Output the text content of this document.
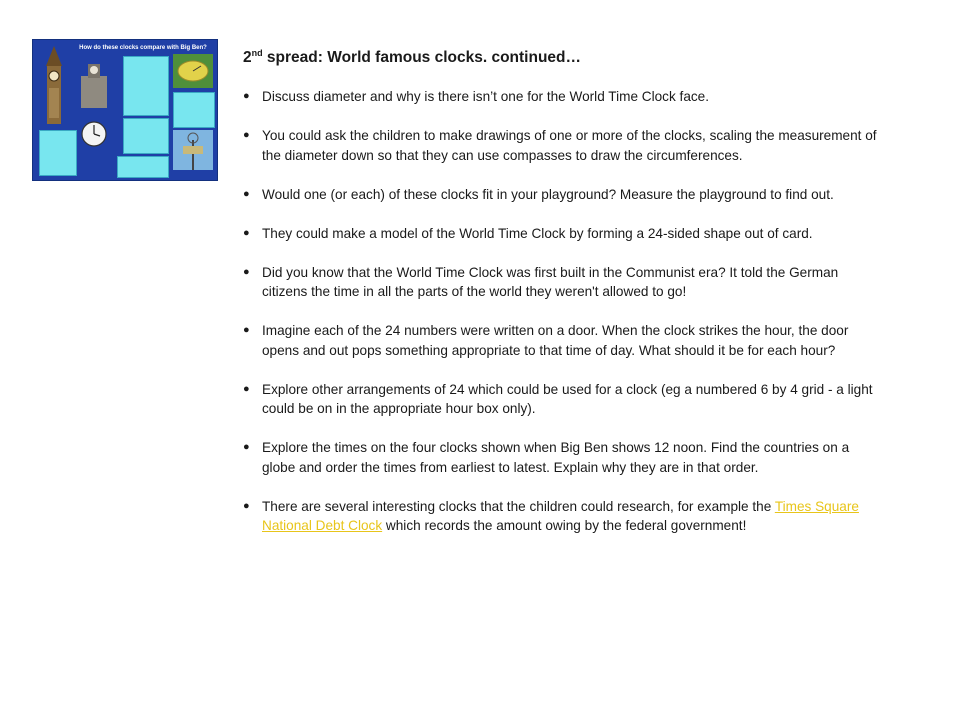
How do these clocks compare with Big Ben?
2nd spread: World famous clocks. continued…
● Discuss diameter and why is there isn’t one for the World Time Clock face.
● You could ask the children to make drawings of one or more of the clocks, scaling the measurement of the diameter down so that they can use compasses to draw the circumferences.
● Would one (or each) of these clocks fit in your playground? Measure the playground to find out.
● They could make a model of the World Time Clock by forming a 24-sided shape out of card.
● Did you know that the World Time Clock was first built in the Communist era? It told the German citizens the time in all the parts of the world they weren't allowed to go!
● Imagine each of the 24 numbers were written on a door. When the clock strikes the hour, the door opens and out pops something appropriate to that time of day. What should it be for each hour?
● Explore other arrangements of 24 which could be used for a clock (eg a numbered 6 by 4 grid - a light could be on in the appropriate hour box only).
● Explore the times on the four clocks shown when Big Ben shows 12 noon. Find the countries on a globe and order the times from earliest to latest. Explain why they are in that order.
● There are several interesting clocks that the children could research, for example the Times Square National Debt Clock which records the amount owing by the federal government!
